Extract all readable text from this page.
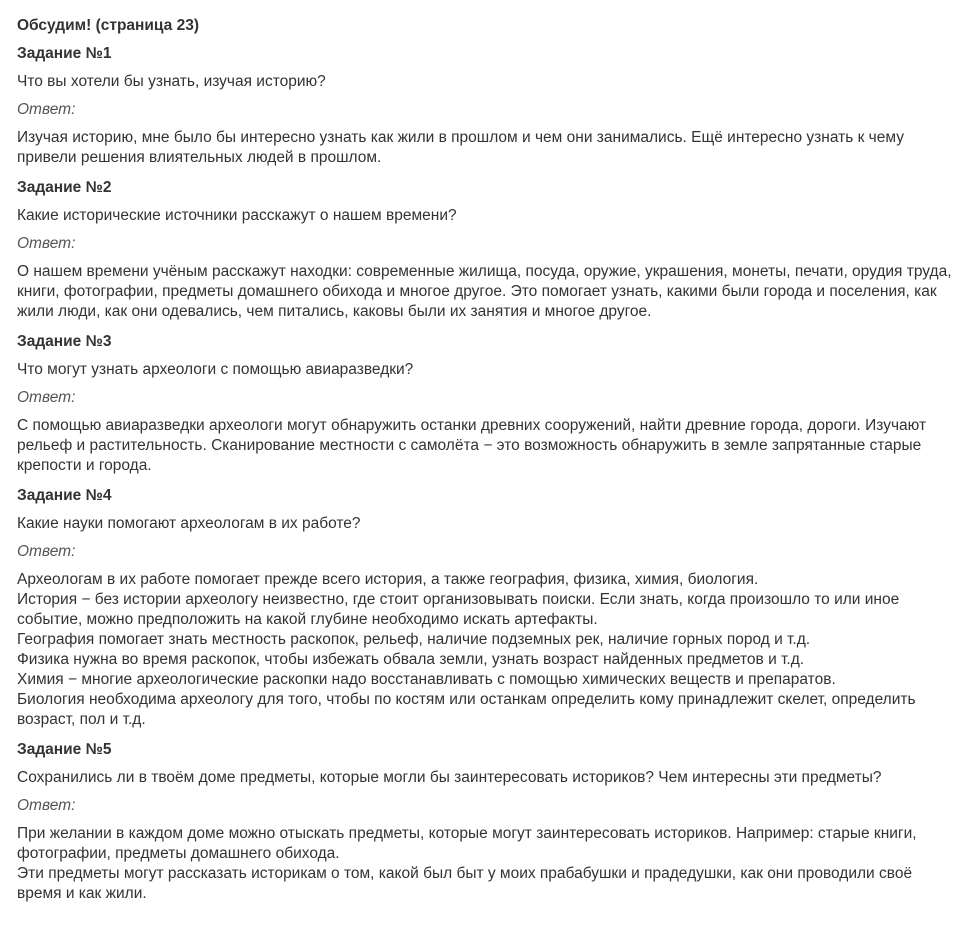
Обсудим! (страница 23)
Задание №1
Что вы хотели бы узнать, изучая историю?
Ответ:
Изучая историю, мне было бы интересно узнать как жили в прошлом и чем они занимались. Ещё интересно узнать к чему привели решения влиятельных людей в прошлом.
Задание №2
Какие исторические источники расскажут о нашем времени?
Ответ:
О нашем времени учёным расскажут находки: современные жилища, посуда, оружие, украшения, монеты, печати, орудия труда, книги, фотографии, предметы домашнего обихода и многое другое. Это помогает узнать, какими были города и поселения, как жили люди, как они одевались, чем питались, каковы были их занятия и многое другое.
Задание №3
Что могут узнать археологи с помощью авиаразведки?
Ответ:
С помощью авиаразведки археологи могут обнаружить останки древних сооружений, найти древние города, дороги. Изучают рельеф и растительность. Сканирование местности с самолёта − это возможность обнаружить в земле запрятанные старые крепости и города.
Задание №4
Какие науки помогают археологам в их работе?
Ответ:
Археологам в их работе помогает прежде всего история, а также география, физика, химия, биология.
История − без истории археологу неизвестно, где стоит организовывать поиски. Если знать, когда произошло то или иное событие, можно предположить на какой глубине необходимо искать артефакты.
География помогает знать местность раскопок, рельеф, наличие подземных рек, наличие горных пород и т.д.
Физика нужна во время раскопок, чтобы избежать обвала земли, узнать возраст найденных предметов и т.д.
Химия − многие археологические раскопки надо восстанавливать с помощью химических веществ и препаратов.
Биология необходима археологу для того, чтобы по костям или останкам определить кому принадлежит скелет, определить возраст, пол и т.д.
Задание №5
Сохранились ли в твоём доме предметы, которые могли бы заинтересовать историков? Чем интересны эти предметы?
Ответ:
При желании в каждом доме можно отыскать предметы, которые могут заинтересовать историков. Например: старые книги, фотографии, предметы домашнего обихода.
Эти предметы могут рассказать историкам о том, какой был быт у моих прабабушки и прадедушки, как они проводили своё время и как жили.
